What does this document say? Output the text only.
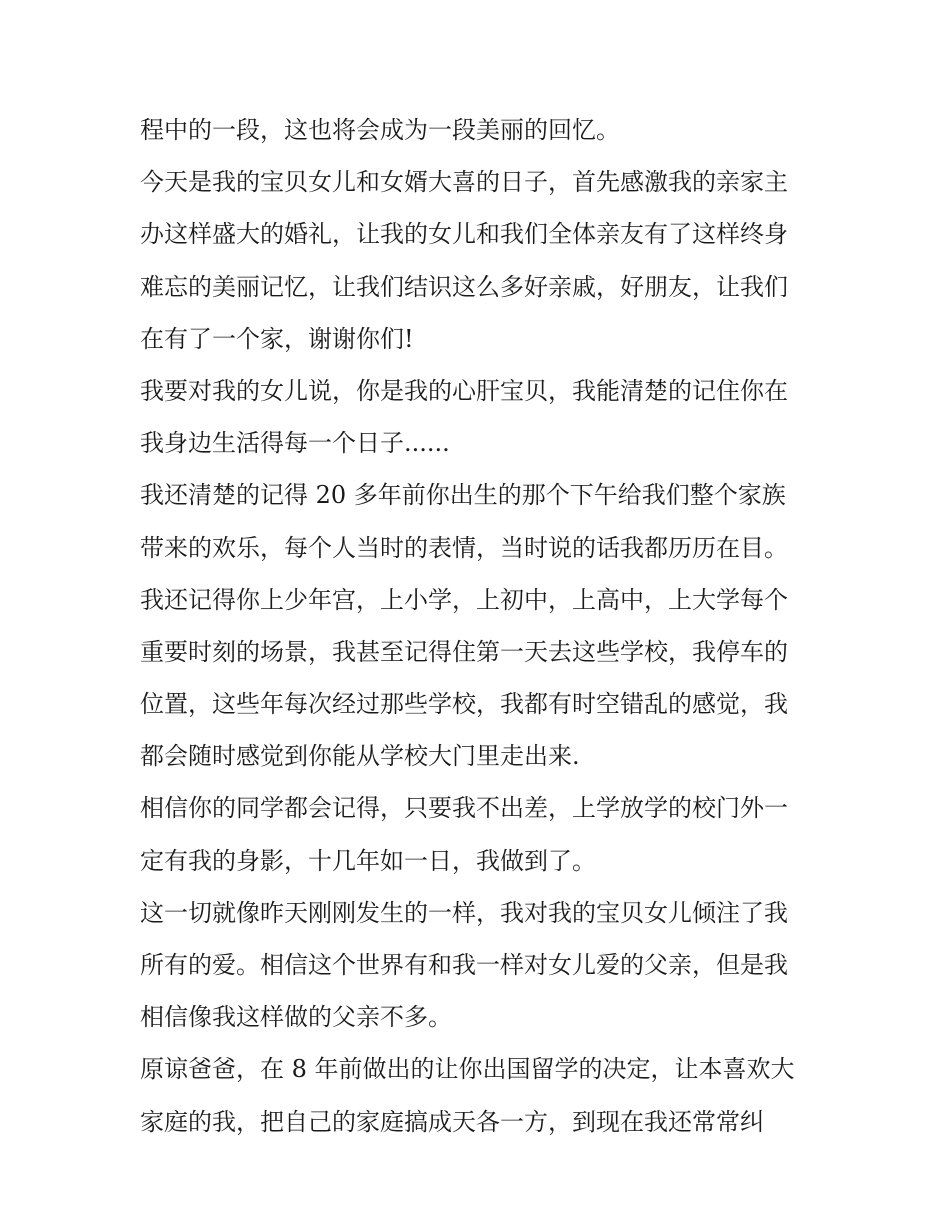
程中的一段，这也将会成为一段美丽的回忆。
今天是我的宝贝女儿和女婿大喜的日子，首先感激我的亲家主
办这样盛大的婚礼，让我的女儿和我们全体亲友有了这样终身
难忘的美丽记忆，让我们结识这么多好亲戚，好朋友，让我们
在有了一个家，谢谢你们!
我要对我的女儿说，你是我的心肝宝贝，我能清楚的记住你在
我身边生活得每一个日子......
我还清楚的记得 20 多年前你出生的那个下午给我们整个家族
带来的欢乐，每个人当时的表情，当时说的话我都历历在目。
我还记得你上少年宫，上小学，上初中，上高中，上大学每个
重要时刻的场景，我甚至记得住第一天去这些学校，我停车的
位置，这些年每次经过那些学校，我都有时空错乱的感觉，我
都会随时感觉到你能从学校大门里走出来.
相信你的同学都会记得，只要我不出差，上学放学的校门外一
定有我的身影，十几年如一日，我做到了。
这一切就像昨天刚刚发生的一样，我对我的宝贝女儿倾注了我
所有的爱。相信这个世界有和我一样对女儿爱的父亲，但是我
相信像我这样做的父亲不多。
原谅爸爸，在 8 年前做出的让你出国留学的决定，让本喜欢大
家庭的我，把自己的家庭搞成天各一方，到现在我还常常纠
